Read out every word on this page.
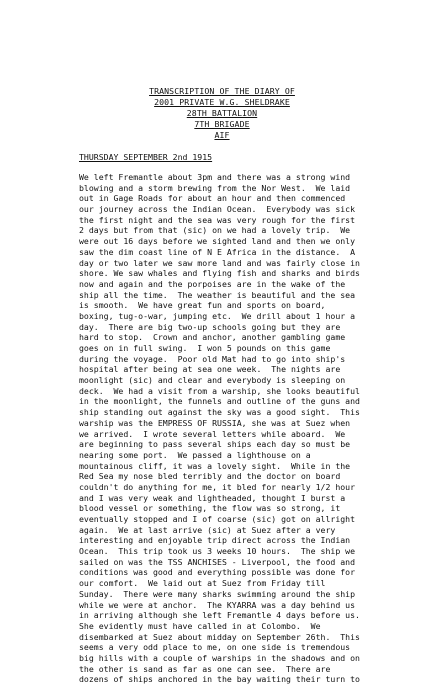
TRANSCRIPTION OF THE DIARY OF
2001 PRIVATE W.G. SHELDRAKE
28TH BATTALION
7TH BRIGADE
AIF
THURSDAY SEPTEMBER 2nd 1915
We left Fremantle about 3pm and there was a strong wind
blowing and a storm brewing from the Nor West.  We laid
out in Gage Roads for about an hour and then commenced
our journey across the Indian Ocean.  Everybody was sick
the first night and the sea was very rough for the first
2 days but from that (sic) on we had a lovely trip.  We
were out 16 days before we sighted land and then we only
saw the dim coast line of N E Africa in the distance.  A
day or two later we saw more land and was fairly close in
shore. We saw whales and flying fish and sharks and birds
now and again and the porpoises are in the wake of the
ship all the time.  The weather is beautiful and the sea
is smooth.  We have great fun and sports on board,
boxing, tug-o-war, jumping etc.  We drill about 1 hour a
day.  There are big two-up schools going but they are
hard to stop.  Crown and anchor, another gambling game
goes on in full swing.  I won 5 pounds on this game
during the voyage.  Poor old Mat had to go into ship's
hospital after being at sea one week.  The nights are
moonlight (sic) and clear and everybody is sleeping on
deck.  We had a visit from a warship, she looks beautiful
in the moonlight, the funnels and outline of the guns and
ship standing out against the sky was a good sight.  This
warship was the EMPRESS OF RUSSIA, she was at Suez when
we arrived.  I wrote several letters while aboard.  We
are beginning to pass several ships each day so must be
nearing some port.  We passed a lighthouse on a
mountainous cliff, it was a lovely sight.  While in the
Red Sea my nose bled terribly and the doctor on board
couldn't do anything for me, it bled for nearly 1/2 hour
and I was very weak and lightheaded, thought I burst a
blood vessel or something, the flow was so strong, it
eventually stopped and I of coarse (sic) got on allright
again.  We at last arrive (sic) at Suez after a very
interesting and enjoyable trip direct across the Indian
Ocean.  This trip took us 3 weeks 10 hours.  The ship we
sailed on was the TSS ANCHISES - Liverpool, the food and
conditions was good and everything possible was done for
our comfort.  We laid out at Suez from Friday till
Sunday.  There were many sharks swimming around the ship
while we were at anchor.  The KYARRA was a day behind us
in arriving although she left Fremantle 4 days before us.
She evidently must have called in at Colombo.  We
disembarked at Suez about midday on September 26th.  This
seems a very odd place to me, on one side is tremendous
big hills with a couple of warships in the shadows and on
the other is sand as far as one can see.  There are
dozens of ships anchored in the bay waiting their turn to
